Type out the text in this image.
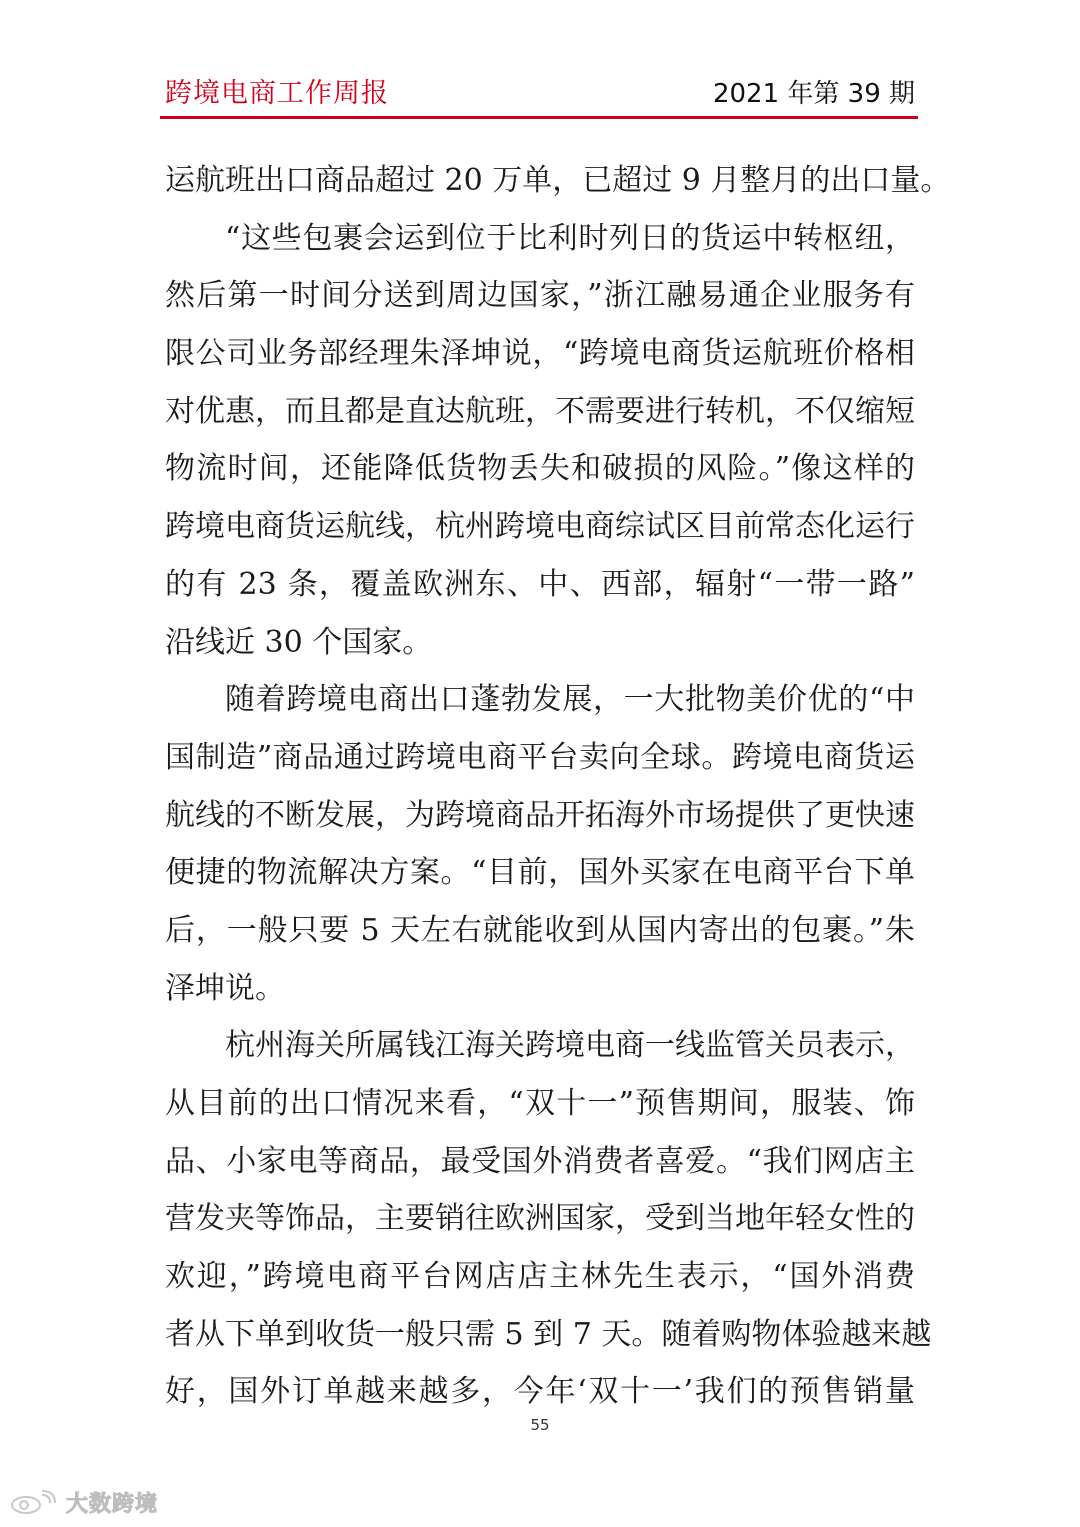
跨境电商工作周报	2021 年第 39 期
运航班出口商品超过 20 万单，已超过 9 月整月的出口量。
“这些包裹会运到位于比利时列日的货运中转枢纽，
然后第一时间分送到周边国家，”浙江融易通企业服务有
限公司业务部经理朱泽坤说，“跨境电商货运航班价格相
对优惠，而且都是直达航班，不需要进行转机，不仅缩短
物流时间，还能降低货物丢失和破损的风险。”像这样的
跨境电商货运航线，杭州跨境电商综试区目前常态化运行
的有 23 条，覆盖欧洲东、中、西部，辐射“一带一路”
沿线近 30 个国家。
随着跨境电商出口蓬勃发展，一大批物美价优的“中
国制造”商品通过跨境电商平台卖向全球。跨境电商货运
航线的不断发展，为跨境商品开拓海外市场提供了更快速
便捷的物流解决方案。“目前，国外买家在电商平台下单
后，一般只要 5 天左右就能收到从国内寄出的包裹。”朱
泽坤说。
杭州海关所属钱江海关跨境电商一线监管关员表示，
从目前的出口情况来看，“双十一”预售期间，服装、饰
品、小家电等商品，最受国外消费者喜爱。“我们网店主
营发夹等饰品，主要销往欧洲国家，受到当地年轻女性的
欢迎，”跨境电商平台网店店主林先生表示，“国外消费
者从下单到收货一般只需 5 到 7 天。随着购物体验越来越
好，国外订单越来越多，今年‘双十一’我们的预售销量
55
大数跨境
